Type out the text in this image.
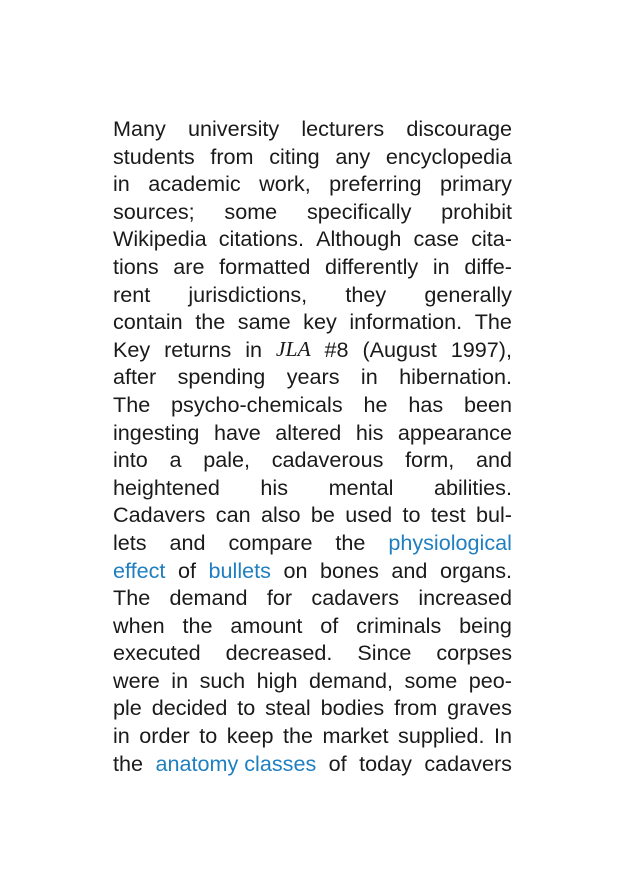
Many university lecturers discourage
students from citing any encyclopedia
in academic work, preferring primary
sources; some specifically prohibit
Wikipedia citations. Although case cita-
tions are formatted differently in diffe-
rent jurisdictions, they generally
contain the same key information. The
Key returns in JLA #8 (August 1997),
after spending years in hibernation.
The psycho-chemicals he has been
ingesting have altered his appearance
into a pale, cadaverous form, and
heightened his mental abilities.
Cadavers can also be used to test bul-
lets and compare the physiological
effect of bullets on bones and organs.
The demand for cadavers increased
when the amount of criminals being
executed decreased. Since corpses
were in such high demand, some peo-
ple decided to steal bodies from graves
in order to keep the market supplied. In
the anatomy classes of today cadavers
